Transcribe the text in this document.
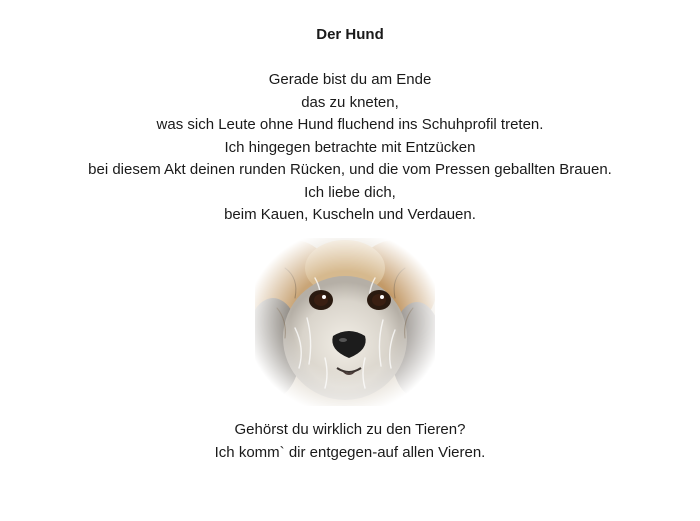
Der Hund
Gerade bist du am Ende
das zu kneten,
was sich Leute ohne Hund fluchend ins Schuhprofil treten.
Ich hingegen betrachte mit Entzücken
bei diesem Akt deinen runden Rücken, und die vom Pressen geballten Brauen.
Ich liebe dich,
beim Kauen, Kuscheln und Verdauen.
Gehörst du wirklich zu den Tieren?
Ich komm` dir entgegen-auf allen Vieren.
